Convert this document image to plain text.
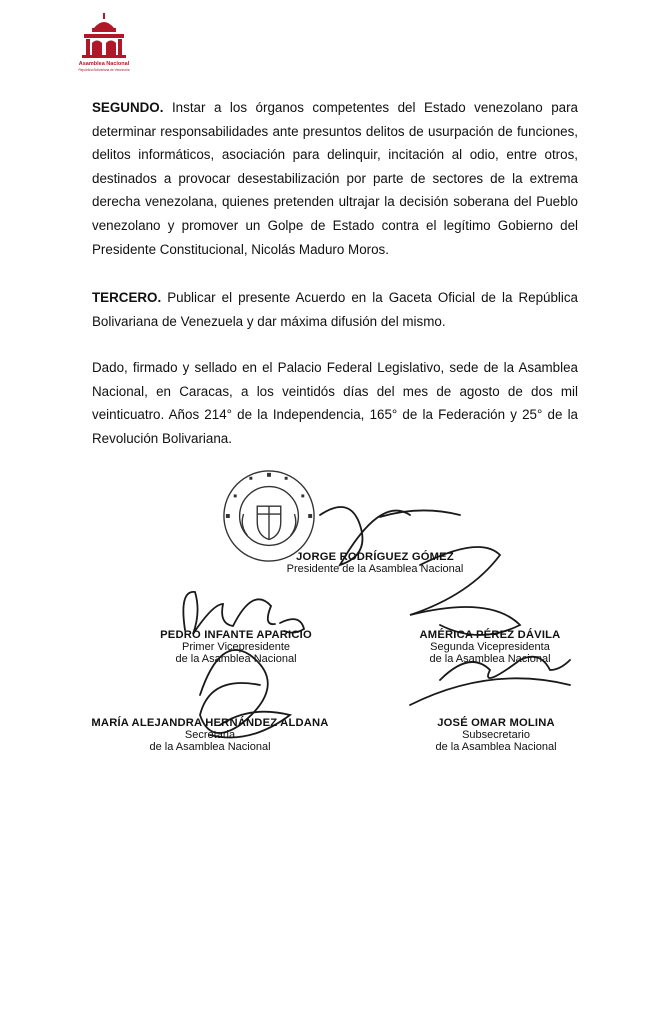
Asamblea Nacional
República Bolivariana de Venezuela
SEGUNDO. Instar a los órganos competentes del Estado venezolano para determinar responsabilidades ante presuntos delitos de usurpación de funciones, delitos informáticos, asociación para delinquir, incitación al odio, entre otros, destinados a provocar desestabilización por parte de sectores de la extrema derecha venezolana, quienes pretenden ultrajar la decisión soberana del Pueblo venezolano y promover un Golpe de Estado contra el legítimo Gobierno del Presidente Constitucional, Nicolás Maduro Moros.
TERCERO. Publicar el presente Acuerdo en la Gaceta Oficial de la República Bolivariana de Venezuela y dar máxima difusión del mismo.
Dado, firmado y sellado en el Palacio Federal Legislativo, sede de la Asamblea Nacional, en Caracas, a los veintidós días del mes de agosto de dos mil veinticuatro. Años 214° de la Independencia, 165° de la Federación y 25° de la Revolución Bolivariana.
JORGE RODRÍGUEZ GÓMEZ
Presidente de la Asamblea Nacional
PEDRO INFANTE APARICIO
Primer Vicepresidente
de la Asamblea Nacional
AMÉRICA PÉREZ DÁVILA
Segunda Vicepresidenta
de la Asamblea Nacional
MARÍA ALEJANDRA HERNÁNDEZ ALDANA
Secretaria
de la Asamblea Nacional
JOSÉ OMAR MOLINA
Subsecretario
de la Asamblea Nacional
